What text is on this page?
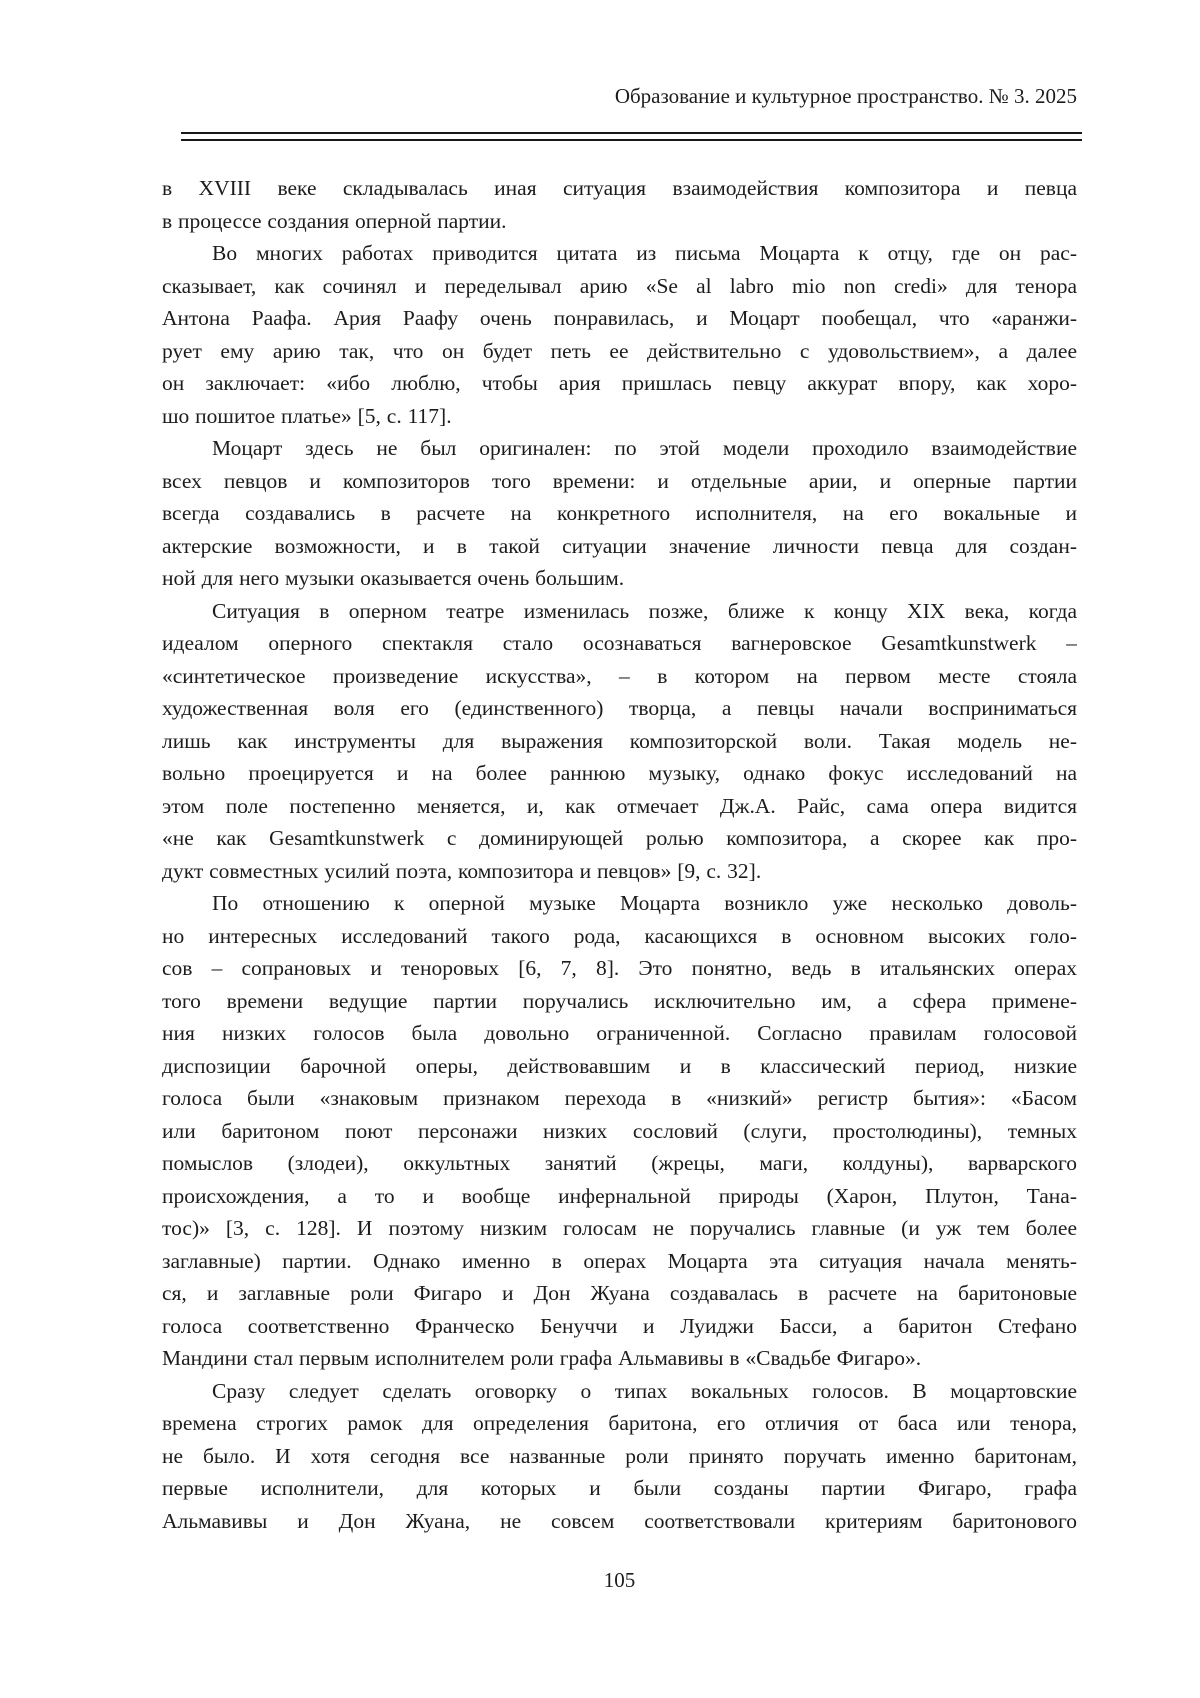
Образование и культурное пространство. № 3. 2025
в XVIII веке складывалась иная ситуация взаимодействия композитора и певца
в процессе создания оперной партии.
Во многих работах приводится цитата из письма Моцарта к отцу, где он рас-
сказывает, как сочинял и переделывал арию «Se al labro mio non credi» для тенора
Антона Раафа. Ария Раафу очень понравилась, и Моцарт пообещал, что «аранжи-
рует ему арию так, что он будет петь ее действительно с удовольствием», а далее
он заключает: «ибо люблю, чтобы ария пришлась певцу аккурат впору, как хоро-
шо пошитое платье» [5, с. 117].
Моцарт здесь не был оригинален: по этой модели проходило взаимодействие
всех певцов и композиторов того времени: и отдельные арии, и оперные партии
всегда создавались в расчете на конкретного исполнителя, на его вокальные и
актерские возможности, и в такой ситуации значение личности певца для создан-
ной для него музыки оказывается очень большим.
Ситуация в оперном театре изменилась позже, ближе к концу XIX века, когда
идеалом оперного спектакля стало осознаваться вагнеровское Gesamtkunstwerk –
«синтетическое произведение искусства», – в котором на первом месте стояла
художественная воля его (единственного) творца, а певцы начали восприниматься
лишь как инструменты для выражения композиторской воли. Такая модель не-
вольно проецируется и на более раннюю музыку, однако фокус исследований на
этом поле постепенно меняется, и, как отмечает Дж.А. Райс, сама опера видится
«не как Gesamtkunstwerk с доминирующей ролью композитора, а скорее как про-
дукт совместных усилий поэта, композитора и певцов» [9, с. 32].
По отношению к оперной музыке Моцарта возникло уже несколько доволь-
но интересных исследований такого рода, касающихся в основном высоких голо-
сов – сопрановых и теноровых [6, 7, 8]. Это понятно, ведь в итальянских операх
того времени ведущие партии поручались исключительно им, а сфера примене-
ния низких голосов была довольно ограниченной. Согласно правилам голосовой
диспозиции барочной оперы, действовавшим и в классический период, низкие
голоса были «знаковым признаком перехода в «низкий» регистр бытия»: «Басом
или баритоном поют персонажи низких сословий (слуги, простолюдины), темных
помыслов (злодеи), оккультных занятий (жрецы, маги, колдуны), варварского
происхождения, а то и вообще инфернальной природы (Харон, Плутон, Тана-
тос)» [3, с. 128]. И поэтому низким голосам не поручались главные (и уж тем более
заглавные) партии. Однако именно в операх Моцарта эта ситуация начала менять-
ся, и заглавные роли Фигаро и Дон Жуана создавалась в расчете на баритоновые
голоса соответственно Франческо Бенуччи и Луиджи Басси, а баритон Стефано
Мандини стал первым исполнителем роли графа Альмавивы в «Свадьбе Фигаро».
Сразу следует сделать оговорку о типах вокальных голосов. В моцартовские
времена строгих рамок для определения баритона, его отличия от баса или тенора,
не было. И хотя сегодня все названные роли принято поручать именно баритонам,
первые исполнители, для которых и были созданы партии Фигаро, графа
Альмавивы и Дон Жуана, не совсем соответствовали критериям баритонового
105
